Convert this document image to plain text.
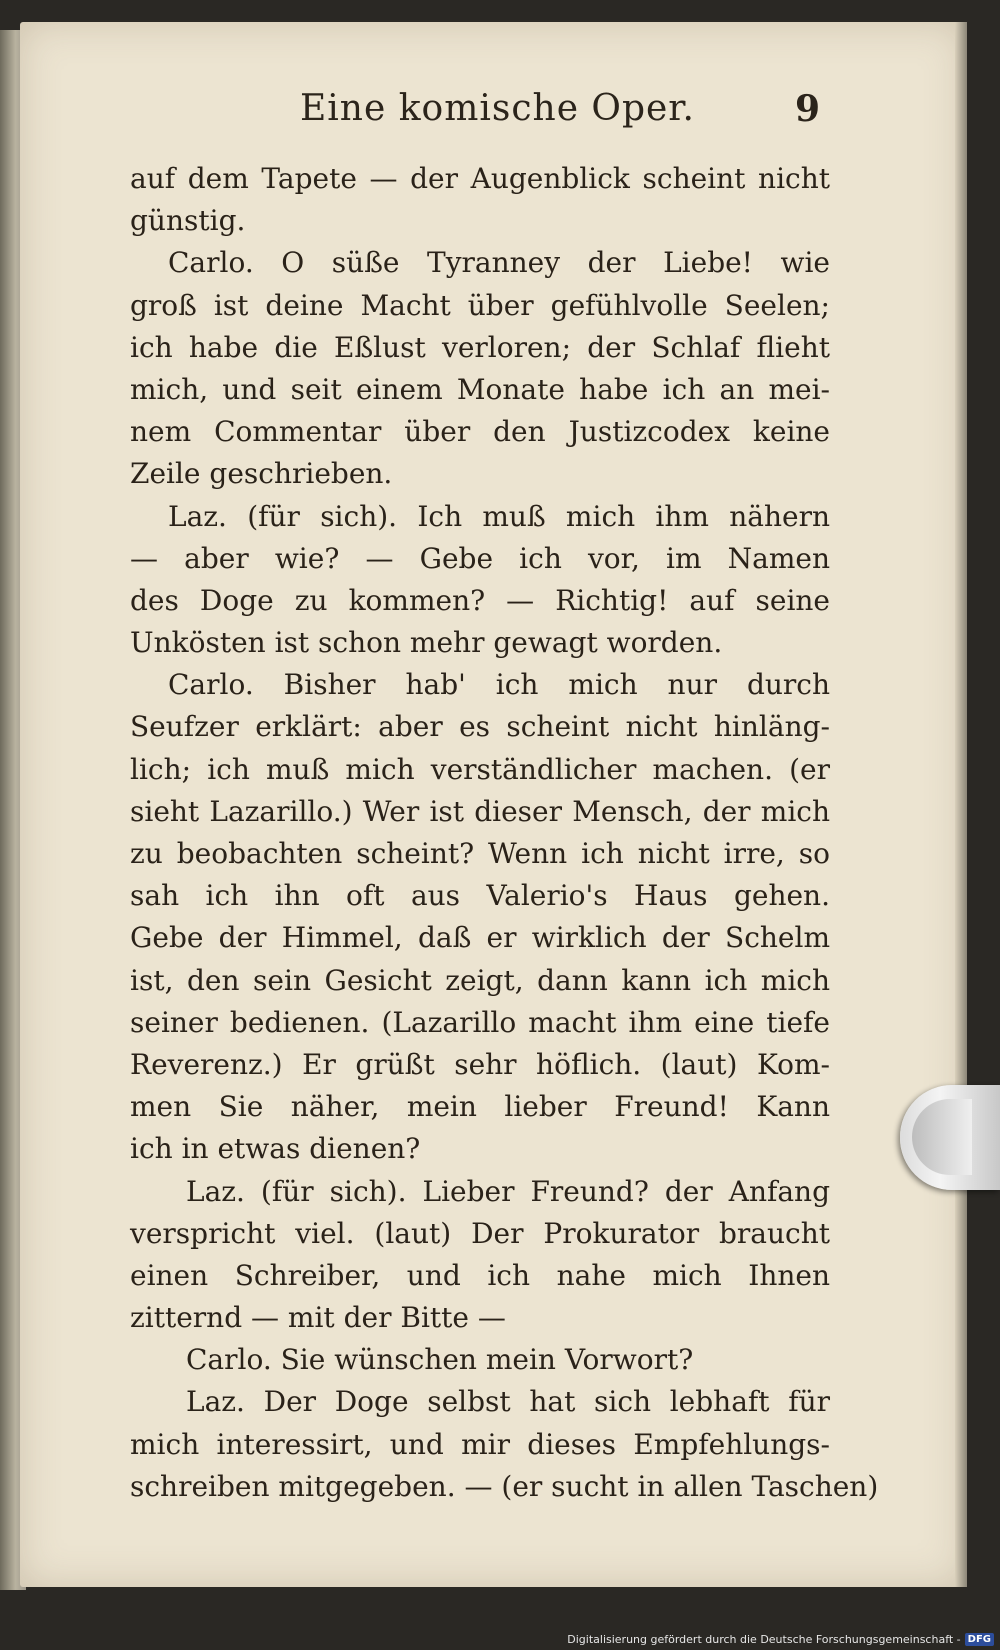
Eine komische Oper.	9
auf dem Tapete — der Augenblick scheint nicht
günstig.
Carlo. O süße Tyranney der Liebe! wie
groß ist deine Macht über gefühlvolle Seelen;
ich habe die Eßlust verloren; der Schlaf flieht
mich, und seit einem Monate habe ich an mei-
nem Commentar über den Justizcodex keine
Zeile geschrieben.
Laz. (für sich). Ich muß mich ihm nähern
— aber wie? — Gebe ich vor, im Namen
des Doge zu kommen? — Richtig! auf seine
Unkösten ist schon mehr gewagt worden.
Carlo. Bisher hab' ich mich nur durch
Seufzer erklärt: aber es scheint nicht hinläng-
lich; ich muß mich verständlicher machen. (er
sieht Lazarillo.) Wer ist dieser Mensch, der mich
zu beobachten scheint? Wenn ich nicht irre, so
sah ich ihn oft aus Valerio's Haus gehen.
Gebe der Himmel, daß er wirklich der Schelm
ist, den sein Gesicht zeigt, dann kann ich mich
seiner bedienen. (Lazarillo macht ihm eine tiefe
Reverenz.) Er grüßt sehr höflich. (laut) Kom-
men Sie näher, mein lieber Freund! Kann
ich in etwas dienen?
Laz. (für sich). Lieber Freund? der Anfang
verspricht viel. (laut) Der Prokurator braucht
einen Schreiber, und ich nahe mich Ihnen
zitternd — mit der Bitte —
Carlo. Sie wünschen mein Vorwort?
Laz. Der Doge selbst hat sich lebhaft für
mich interessirt, und mir dieses Empfehlungs-
schreiben mitgegeben. — (er sucht in allen Taschen)
Digitalisierung gefördert durch die Deutsche Forschungsgemeinschaft - DFG
